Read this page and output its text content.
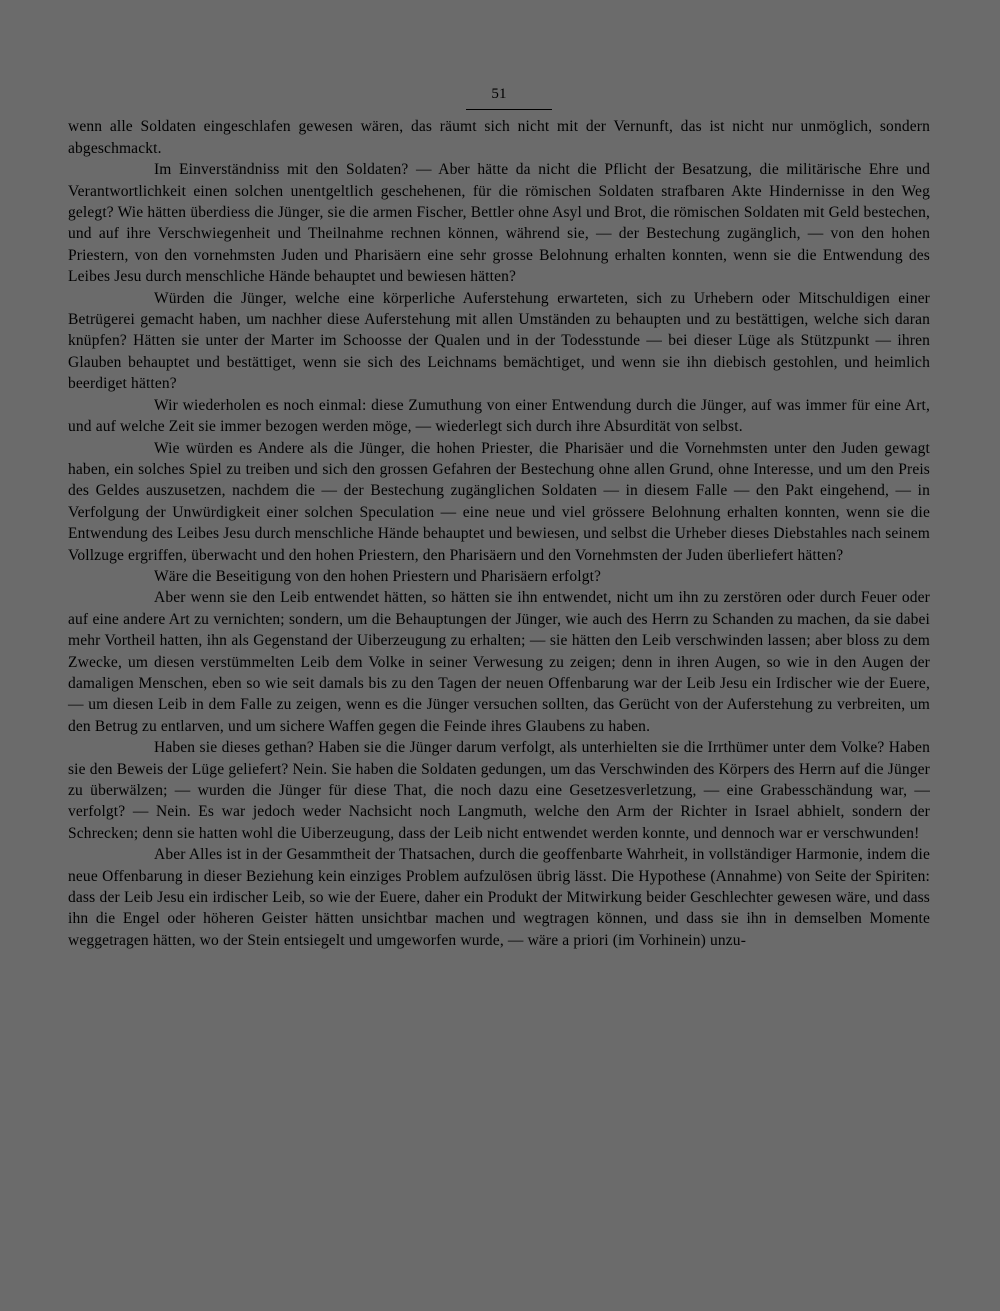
51

wenn alle Soldaten eingeschlafen gewesen wären, das räumt sich nicht mit der Vernunft, das ist nicht nur unmöglich, sondern abgeschmackt.

Im Einverständniss mit den Soldaten? — Aber hätte da nicht die Pflicht der Besatzung, die militärische Ehre und Verantwortlichkeit einen solchen unentgeltlich geschehenen, für die römischen Soldaten strafbaren Akte Hindernisse in den Weg gelegt? Wie hätten überdiess die Jünger, sie die armen Fischer, Bettler ohne Asyl und Brot, die römischen Soldaten mit Geld bestechen, und auf ihre Verschwiegenheit und Theilnahme rechnen können, während sie, — der Bestechung zugänglich, — von den hohen Priestern, von den vornehmsten Juden und Pharisäern eine sehr grosse Belohnung erhalten konnten, wenn sie die Entwendung des Leibes Jesu durch menschliche Hände behauptet und bewiesen hätten?

Würden die Jünger, welche eine körperliche Auferstehung erwarteten, sich zu Urhebern oder Mitschuldigen einer Betrügerei gemacht haben, um nachher diese Auferstehung mit allen Umständen zu behaupten und zu bestättigen, welche sich daran knüpfen? Hätten sie unter der Marter im Schoosse der Qualen und in der Todesstunde — bei dieser Lüge als Stützpunkt — ihren Glauben behauptet und bestättiget, wenn sie sich des Leichnams bemächtiget, und wenn sie ihn diebisch gestohlen, und heimlich beerdiget hätten?

Wir wiederholen es noch einmal: diese Zumuthung von einer Entwendung durch die Jünger, auf was immer für eine Art, und auf welche Zeit sie immer bezogen werden möge, — wiederlegt sich durch ihre Absurdität von selbst.

Wie würden es Andere als die Jünger, die hohen Priester, die Pharisäer und die Vornehmsten unter den Juden gewagt haben, ein solches Spiel zu treiben und sich den grossen Gefahren der Bestechung ohne allen Grund, ohne Interesse, und um den Preis des Geldes auszusetzen, nachdem die — der Bestechung zugänglichen Soldaten — in diesem Falle — den Pakt eingehend, — in Verfolgung der Unwürdigkeit einer solchen Speculation — eine neue und viel grössere Belohnung erhalten konnten, wenn sie die Entwendung des Leibes Jesu durch menschliche Hände behauptet und bewiesen, und selbst die Urheber dieses Diebstahles nach seinem Vollzuge ergriffen, überwacht und den hohen Priestern, den Pharisäern und den Vornehmsten der Juden überliefert hätten?

Wäre die Beseitigung von den hohen Priestern und Pharisäern erfolgt?

Aber wenn sie den Leib entwendet hätten, so hätten sie ihn entwendet, nicht um ihn zu zerstören oder durch Feuer oder auf eine andere Art zu vernichten; sondern, um die Behauptungen der Jünger, wie auch des Herrn zu Schanden zu machen, da sie dabei mehr Vortheil hatten, ihn als Gegenstand der Uiberzeugung zu erhalten; — sie hätten den Leib verschwinden lassen; aber bloss zu dem Zwecke, um diesen verstümmelten Leib dem Volke in seiner Verwesung zu zeigen; denn in ihren Augen, so wie in den Augen der damaligen Menschen, eben so wie seit damals bis zu den Tagen der neuen Offenbarung war der Leib Jesu ein Irdischer wie der Euere, — um diesen Leib in dem Falle zu zeigen, wenn es die Jünger versuchen sollten, das Gerücht von der Auferstehung zu verbreiten, um den Betrug zu entlarven, und um sichere Waffen gegen die Feinde ihres Glaubens zu haben.

Haben sie dieses gethan? Haben sie die Jünger darum verfolgt, als unterhielten sie die Irrthümer unter dem Volke? Haben sie den Beweis der Lüge geliefert? Nein. Sie haben die Soldaten gedungen, um das Verschwinden des Körpers des Herrn auf die Jünger zu überwälzen; — wurden die Jünger für diese That, die noch dazu eine Gesetzesverletzung, — eine Grabesschändung war, — verfolgt? — Nein. Es war jedoch weder Nachsicht noch Langmuth, welche den Arm der Richter in Israel abhielt, sondern der Schrecken; denn sie hatten wohl die Uiberzeugung, dass der Leib nicht entwendet werden konnte, und dennoch war er verschwunden!

Aber Alles ist in der Gesammtheit der Thatsachen, durch die geoffenbarte Wahrheit, in vollständiger Harmonie, indem die neue Offenbarung in dieser Beziehung kein einziges Problem aufzulösen übrig lässt. Die Hypothese (Annahme) von Seite der Spiriten: dass der Leib Jesu ein irdischer Leib, so wie der Euere, daher ein Produkt der Mitwirkung beider Geschlechter gewesen wäre, und dass ihn die Engel oder höheren Geister hätten unsichtbar machen und wegtragen können, und dass sie ihn in demselben Momente weggetragen hätten, wo der Stein entsiegelt und umgeworfen wurde, — wäre a priori (im Vorhinein) unzu-
